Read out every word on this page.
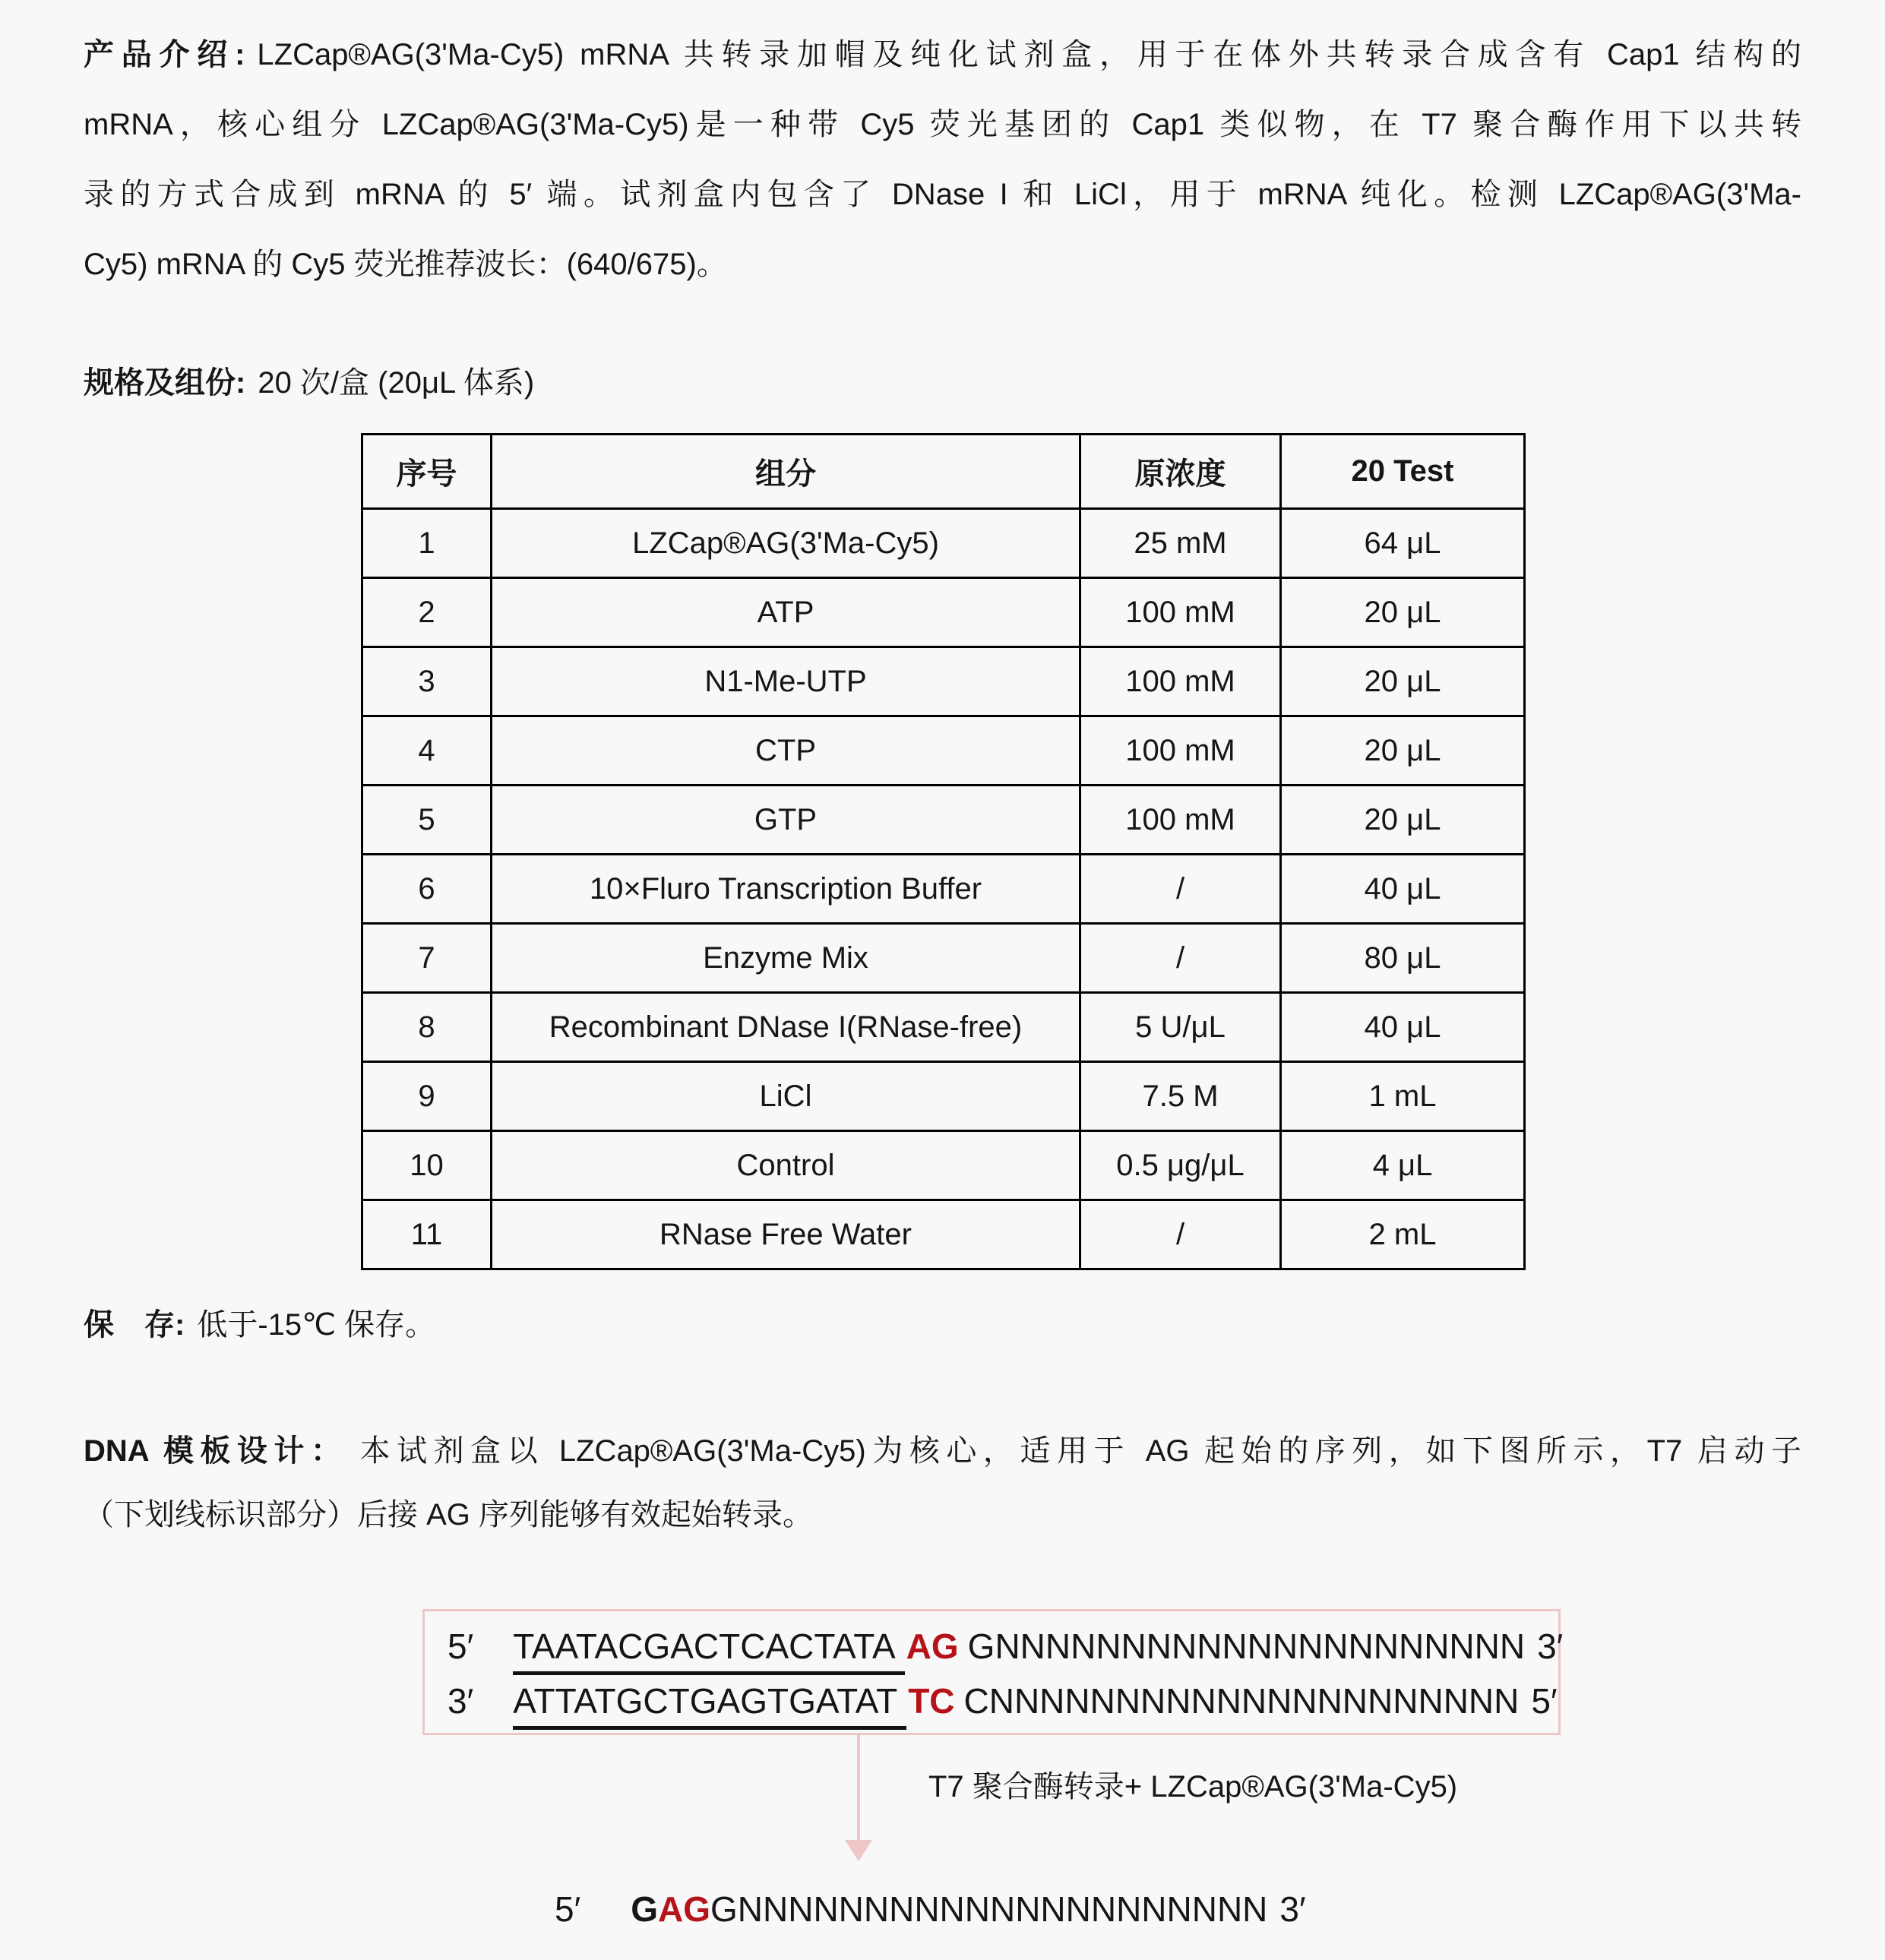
产品介绍: LZCap®AG(3'Ma-Cy5) mRNA 共转录加帽及纯化试剂盒，用于在体外共转录合成含有 Cap1 结构的
mRNA，核心组分 LZCap®AG(3'Ma-Cy5)是一种带 Cy5 荧光基团的 Cap1 类似物，在 T7 聚合酶作用下以共转
录的方式合成到 mRNA 的 5′ 端。试剂盒内包含了 DNase I 和 LiCl，用于 mRNA 纯化。检测 LZCap®AG(3'Ma-
Cy5) mRNA 的 Cy5 荧光推荐波长：(640/675)。
规格及组份: 20 次/盒 (20μL 体系)
序号	组分	原浓度	20 Test
1	LZCap®AG(3'Ma-Cy5)	25 mM	64 μL
2	ATP	100 mM	20 μL
3	N1-Me-UTP	100 mM	20 μL
4	CTP	100 mM	20 μL
5	GTP	100 mM	20 μL
6	10×Fluro Transcription Buffer	/	40 μL
7	Enzyme Mix	/	80 μL
8	Recombinant DNase I(RNase-free)	5 U/μL	40 μL
9	LiCl	7.5 M	1 mL
10	Control	0.5 μg/μL	4 μL
11	RNase Free Water	/	2 mL
保　存: 低于-15℃ 保存。
DNA 模板设计： 本试剂盒以 LZCap®AG(3'Ma-Cy5)为核心，适用于 AG 起始的序列，如下图所示，T7 启动子
（下划线标识部分）后接 AG 序列能够有效起始转录。
5′ TAATACGACTCACTATA AG GNNNNNNNNNNNNNNNNNNNNN 3′
3′ ATTATGCTGAGTGATAT TC CNNNNNNNNNNNNNNNNNNNNN 5′
T7 聚合酶转录+ LZCap®AG(3'Ma-Cy5)
5′ GAGGNNNNNNNNNNNNNNNNNNNNN 3′
